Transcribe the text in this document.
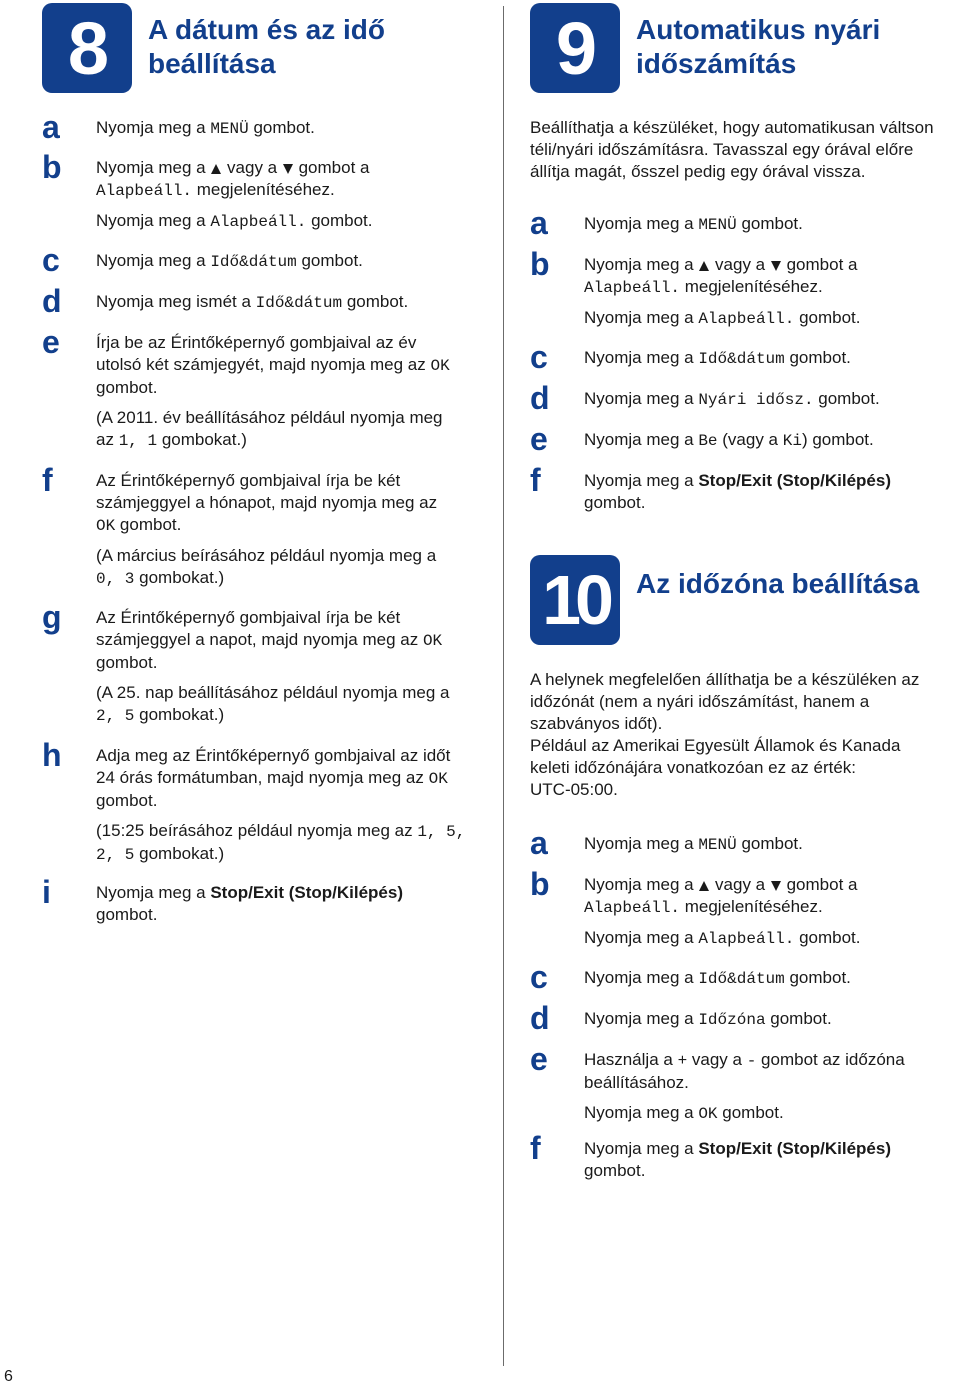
8	A dátum és az idő
beállítása
a Nyomja meg a MENÜ gombot.
b Nyomja meg a  vagy a  gombot a
Alapbeáll. megjelenítéséhez.
Nyomja meg a Alapbeáll. gombot.
c Nyomja meg a Idő&dátum gombot.
d Nyomja meg ismét a Idő&dátum gombot.
e Írja be az Érintőképernyő gombjaival az év
utolsó két számjegyét, majd nyomja meg az OK
gombot.
(A 2011. év beállításához például nyomja meg
az 1, 1 gombokat.)
f	Az Érintőképernyő gombjaival írja be két
számjeggyel a hónapot, majd nyomja meg az
OK gombot.
(A március beírásához például nyomja meg a
0, 3 gombokat.)
g Az Érintőképernyő gombjaival írja be két
számjeggyel a napot, majd nyomja meg az OK
gombot.
(A 25. nap beállításához például nyomja meg a
2, 5 gombokat.)
h Adja meg az Érintőképernyő gombjaival az időt
24 órás formátumban, majd nyomja meg az OK
gombot.
(15:25 beírásához például nyomja meg az 1, 5,
2, 5 gombokat.)
i	Nyomja meg a Stop/Exit (Stop/Kilépés)
gombot.
9	Automatikus nyári
időszámítás
Beállíthatja a készüléket, hogy automatikusan váltson
téli/nyári időszámításra. Tavasszal egy órával előre
állítja magát, ősszel pedig egy órával vissza.
a Nyomja meg a MENÜ gombot.
b Nyomja meg a  vagy a  gombot a
Alapbeáll. megjelenítéséhez.
Nyomja meg a Alapbeáll. gombot.
c Nyomja meg a Idő&dátum gombot.
d Nyomja meg a Nyári idősz. gombot.
e Nyomja meg a Be (vagy a Ki) gombot.
f	Nyomja meg a Stop/Exit (Stop/Kilépés)
gombot.
10	Az időzóna beállítása
A helynek megfelelően állíthatja be a készüléken az
időzónát (nem a nyári időszámítást, hanem a
szabványos időt).
Például az Amerikai Egyesült Államok és Kanada
keleti időzónájára vonatkozóan ez az érték:
UTC-05:00.
a Nyomja meg a MENÜ gombot.
b Nyomja meg a  vagy a  gombot a
Alapbeáll. megjelenítéséhez.
Nyomja meg a Alapbeáll. gombot.
c Nyomja meg a Idő&dátum gombot.
d Nyomja meg a Időzóna gombot.
e Használja a + vagy a - gombot az időzóna
beállításához.
Nyomja meg a OK gombot.
f	Nyomja meg a Stop/Exit (Stop/Kilépés)
gombot.
6
